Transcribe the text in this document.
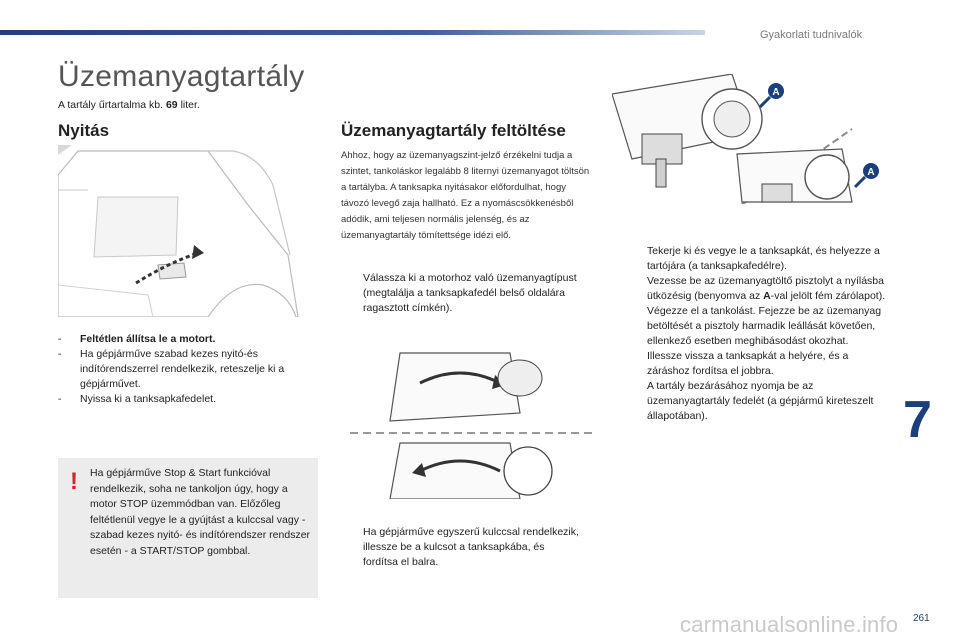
Gyakorlati tudnivalók
Üzemanyagtartály
A tartály űrtartalma kb. 69 liter.
Nyitás	Üzemanyagtartály feltöltése
- Feltétlen állítsa le a motort.
- Ha gépjárműve szabad kezes nyitó-és indítórendszerrel rendelkezik, reteszelje ki a gépjárművet.
- Nyissa ki a tanksapkafedelet.
! Ha gépjárműve Stop & Start funkcióval rendelkezik, soha ne tankoljon úgy, hogy a motor STOP üzemmódban van. Előzőleg feltétlenül vegye le a gyújtást a kulccsal vagy - szabad kezes nyitó- és indítórendszer rendszer esetén - a START/STOP gombbal.
Ahhoz, hogy az üzemanyagszint-jelző érzékelni tudja a szintet, tankoláskor legalább 8 liternyi üzemanyagot töltsön a tartályba. A tanksapka nyitásakor előfordulhat, hogy távozó levegő zaja hallható. Ez a nyomáscsökkenésből adódik, ami teljesen normális jelenség, és az üzemanyagtartály tömítettsége idézi elő.
Válassza ki a motorhoz való üzemanyagtípust (megtalálja a tanksapkafedél belső oldalára ragasztott címkén).
A
A
Ha gépjárműve egyszerű kulccsal rendelkezik, illessze be a kulcsot a tanksapkába, és fordítsa el balra.
Tekerje ki és vegye le a tanksapkát, és helyezze a tartójára (a tanksapkafedélre).
Vezesse be az üzemanyagtöltő pisztolyt a nyílásba ütközésig (benyomva az A-val jelölt fém zárólapot).
Végezze el a tankolást. Fejezze be az üzemanyag betöltését a pisztoly harmadik leállását követően, ellenkező esetben meghibásodást okozhat.
Illessze vissza a tanksapkát a helyére, és a záráshoz fordítsa el jobbra.
A tartály bezárásához nyomja be az üzemanyagtartály fedelét (a gépjármű kireteszelt állapotában).	7
carmanualsonline.info 261
